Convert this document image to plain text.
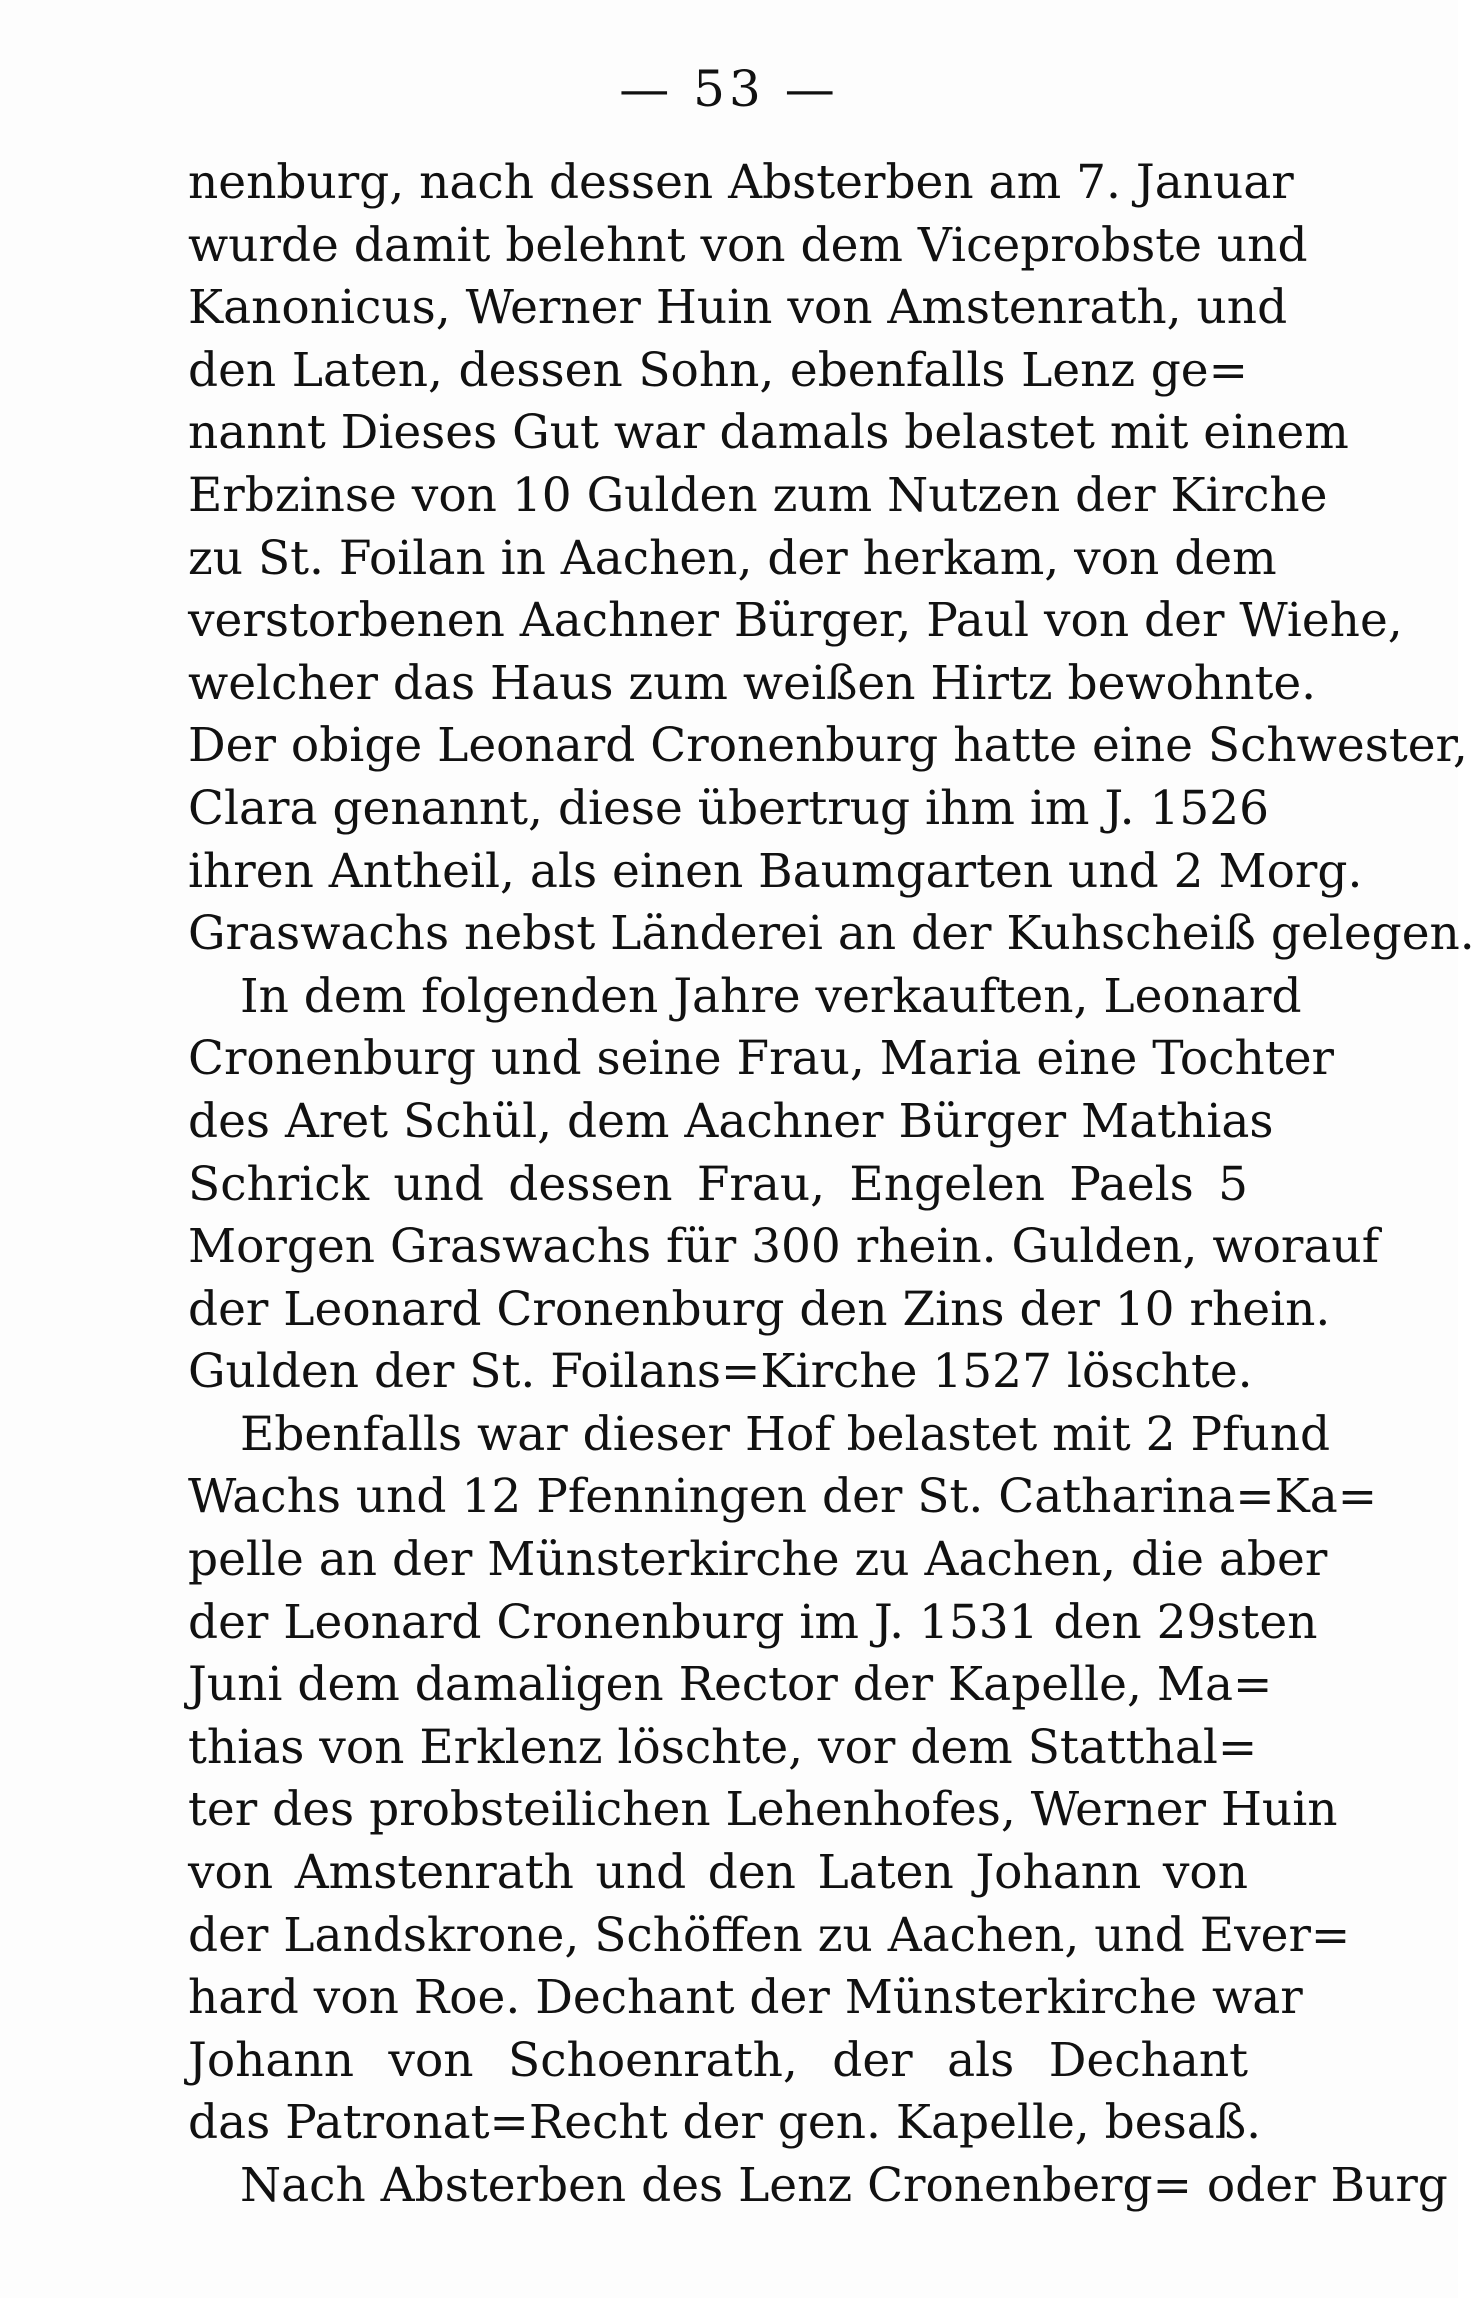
— 53 —
nenburg, nach dessen Absterben am 7. Januar
wurde damit belehnt von dem Viceprobste und
Kanonicus, Werner Huin von Amstenrath, und
den Laten, dessen Sohn, ebenfalls Lenz ge=
nannt Dieses Gut war damals belastet mit einem
Erbzinse von 10 Gulden zum Nutzen der Kirche
zu St. Foilan in Aachen, der herkam, von dem
verstorbenen Aachner Bürger, Paul von der Wiehe,
welcher das Haus zum weißen Hirtz bewohnte.
Der obige Leonard Cronenburg hatte eine Schwester,
Clara genannt, diese übertrug ihm im J. 1526
ihren Antheil, als einen Baumgarten und 2 Morg.
Graswachs nebst Länderei an der Kuhscheiß gelegen.
In dem folgenden Jahre verkauften, Leonard
Cronenburg und seine Frau, Maria eine Tochter
des Aret Schül, dem Aachner Bürger Mathias
Schrick und dessen Frau, Engelen Paels 5
Morgen Graswachs für 300 rhein. Gulden, worauf
der Leonard Cronenburg den Zins der 10 rhein.
Gulden der St. Foilans=Kirche 1527 löschte.
Ebenfalls war dieser Hof belastet mit 2 Pfund
Wachs und 12 Pfenningen der St. Catharina=Ka=
pelle an der Münsterkirche zu Aachen, die aber
der Leonard Cronenburg im J. 1531 den 29sten
Juni dem damaligen Rector der Kapelle, Ma=
thias von Erklenz löschte, vor dem Statthal=
ter des probsteilichen Lehenhofes, Werner Huin
von Amstenrath und den Laten Johann von
der Landskrone, Schöffen zu Aachen, und Ever=
hard von Roe. Dechant der Münsterkirche war
Johann von Schoenrath, der als Dechant
das Patronat=Recht der gen. Kapelle, besaß.
Nach Absterben des Lenz Cronenberg= oder Burg
